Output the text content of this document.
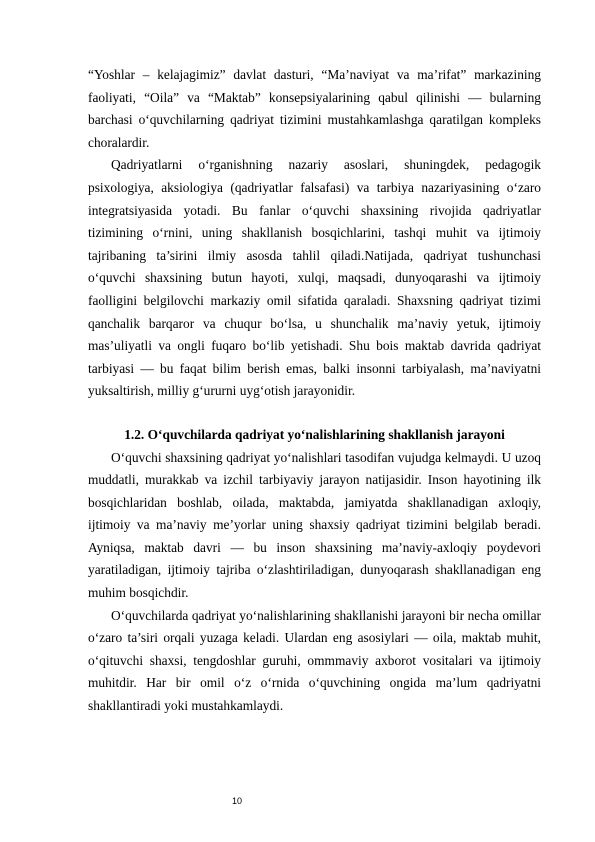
“Yoshlar – kelajagimiz” davlat dasturi, “Ma’naviyat va ma’rifat” markazining faoliyati, “Oila” va “Maktab” konsepsiyalarining qabul qilinishi — bularning barchasi o‘quvchilarning qadriyat tizimini mustahkamlashga qaratilgan kompleks choralardir.

Qadriyatlarni o‘rganishning nazariy asoslari, shuningdek, pedagogik psixologiya, aksiologiya (qadriyatlar falsafasi) va tarbiya nazariyasining o‘zaro integratsiyasida yotadi. Bu fanlar o‘quvchi shaxsining rivojida qadriyatlar tizimining o‘rnini, uning shakllanish bosqichlarini, tashqi muhit va ijtimoiy tajribaning ta’sirini ilmiy asosda tahlil qiladi.Natijada, qadriyat tushunchasi o‘quvchi shaxsining butun hayoti, xulqi, maqsadi, dunyoqarashi va ijtimoiy faolligini belgilovchi markaziy omil sifatida qaraladi. Shaxsning qadriyat tizimi qanchalik barqaror va chuqur bo‘lsa, u shunchalik ma’naviy yetuk, ijtimoiy mas’uliyatli va ongli fuqaro bo‘lib yetishadi. Shu bois maktab davrida qadriyat tarbiyasi — bu faqat bilim berish emas, balki insonni tarbiyalash, ma’naviyatni yuksaltirish, milliy g‘ururni uyg‘otish jarayonidir.

1.2. O‘quvchilarda qadriyat yo‘nalishlarining shakllanish jarayoni

O‘quvchi shaxsining qadriyat yo‘nalishlari tasodifan vujudga kelmaydi. U uzoq muddatli, murakkab va izchil tarbiyaviy jarayon natijasidir. Inson hayotining ilk bosqichlaridan boshlab, oilada, maktabda, jamiyatda shakllanadigan axloqiy, ijtimoiy va ma’naviy me’yorlar uning shaxsiy qadriyat tizimini belgilab beradi. Ayniqsa, maktab davri — bu inson shaxsining ma’naviy-axloqiy poydevori yaratiladigan, ijtimoiy tajriba o‘zlashtiriladigan, dunyoqarash shakllanadigan eng muhim bosqichdir.

O‘quvchilarda qadriyat yo‘nalishlarining shakllanishi jarayoni bir necha omillar o‘zaro ta’siri orqali yuzaga keladi. Ulardan eng asosiylari — oila, maktab muhit, o‘qituvchi shaxsi, tengdoshlar guruhi, ommmaviy axborot vositalari va ijtimoiy muhitdir. Har bir omil o‘z o‘rnida o‘quvchining ongida ma’lum qadriyatni shakllantiradi yoki mustahkamlaydi.

10
